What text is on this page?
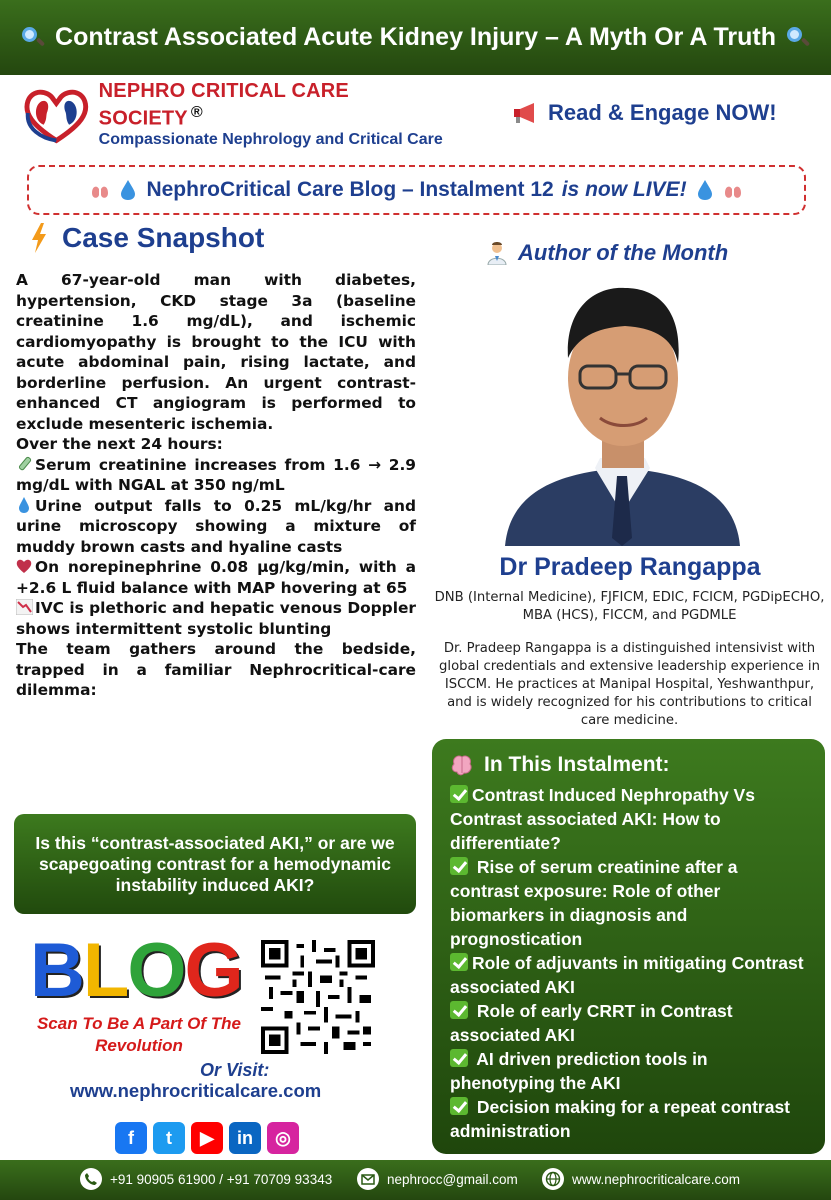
Contrast Associated Acute Kidney Injury – A Myth Or A Truth
NEPHRO CRITICAL CARE SOCIETY ®
Compassionate Nephrology and Critical Care
Read & Engage NOW!
NephroCritical Care Blog – Instalment 12 is now LIVE!
Case Snapshot

A 67-year-old man with diabetes, hypertension, CKD stage 3a (baseline creatinine 1.6 mg/dL), and ischemic cardiomyopathy is brought to the ICU with acute abdominal pain, rising lactate, and borderline perfusion. An urgent contrast-enhanced CT angiogram is performed to exclude mesenteric ischemia.

Over the next 24 hours:

Serum creatinine increases from 1.6 → 2.9 mg/dL with NGAL at 350 ng/mL

Urine output falls to 0.25 mL/kg/hr and urine microscopy showing a mixture of muddy brown casts and hyaline casts

On norepinephrine 0.08 µg/kg/min, with a +2.6 L fluid balance with MAP hovering at 65

IVC is plethoric and hepatic venous Doppler shows intermittent systolic blunting

The team gathers around the bedside, trapped in a familiar Nephrocritical-care dilemma:

Is this “contrast-associated AKI,” or are we scapegoating contrast for a hemodynamic instability induced AKI?
Author of the Month
Dr Pradeep Rangappa
DNB (Internal Medicine), FJFICM, EDIC, FCICM, PGDipECHO, MBA (HCS), FICCM, and PGDMLE
Dr. Pradeep Rangappa is a distinguished intensivist with global credentials and extensive leadership experience in ISCCM. He practices at Manipal Hospital, Yeshwanthpur, and is widely recognized for his contributions to critical care medicine.
In This Instalment:
Contrast Induced Nephropathy Vs Contrast associated AKI: How to differentiate?
Rise of serum creatinine after a contrast exposure: Role of other biomarkers in diagnosis and prognostication
Role of adjuvants in mitigating Contrast associated AKI
Role of early CRRT in Contrast associated AKI
AI driven prediction tools in phenotyping the AKI
Decision making for a repeat contrast administration
B L O G
Scan To Be A Part Of The Revolution
Or Visit:
www.nephrocriticalcare.com
f t ▶ in ◎
+91 90905 61900 / +91 70709 93343	nephrocc@gmail.com	www.nephrocriticalcare.com
